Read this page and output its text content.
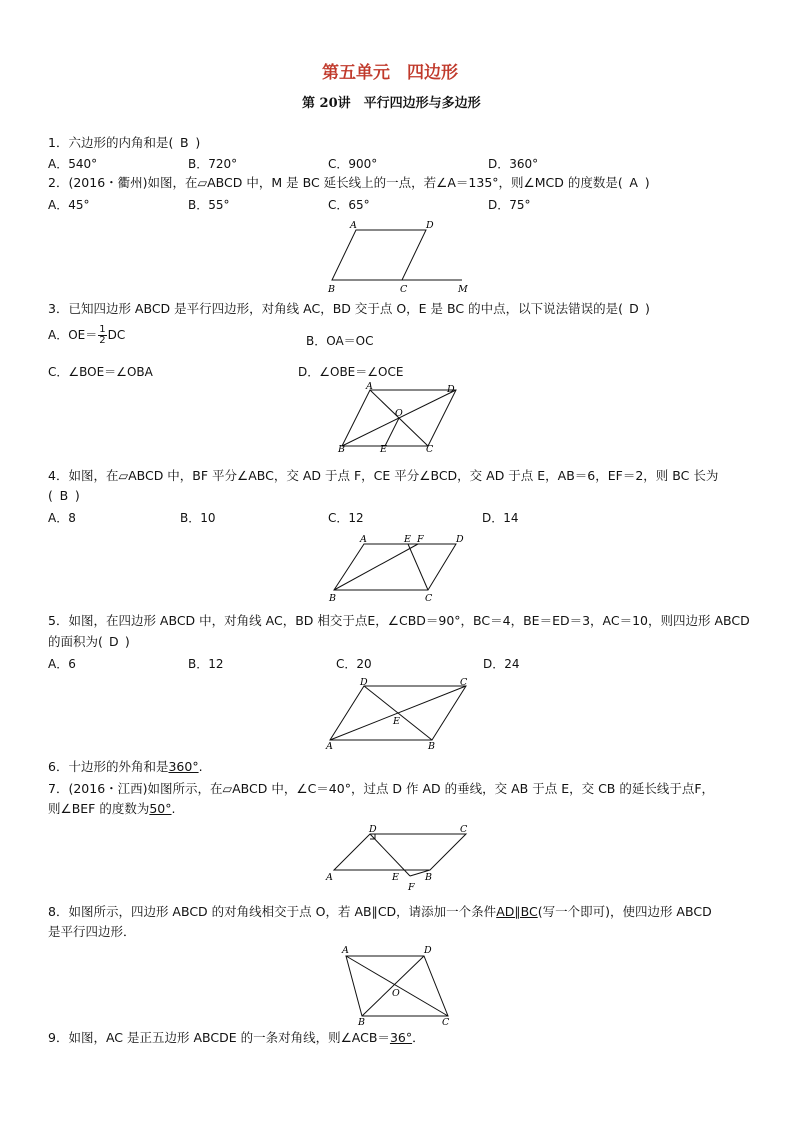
第五单元　四边形
第 20讲　平行四边形与多边形
1．六边形的内角和是( B )
A．540°	B．720°	C．900°	D．360°
2．(2016・衢州)如图，在▱ABCD 中，M 是 BC 延长线上的一点，若∠A＝135°，则∠MCD 的度数是( A )
A．45°	B．55°	C．65°	D．75°
A	D
B	C	M
3．已知四边形 ABCD 是平行四边形，对角线 AC，BD 交于点 O，E 是 BC 的中点，以下说法错误的是( D )
A．$OE= \frac{1}{2}$ DC	B．OA＝OC
C．∠BOE＝∠OBA	D．∠OBE＝∠OCE
A	D
O
B	E	C
4．如图，在▱ABCD 中，BF 平分∠ABC，交 AD 于点 F，CE 平分∠BCD，交 AD 于点 E，AB＝6，EF＝2，则 BC 长为
( B )
A．8	B．10	C．12	D．14
A	E F	D
B	C
5．如图，在四边形 ABCD 中，对角线 AC，BD 相交于点E，∠CBD＝90°，BC＝4，BE＝ED＝3，AC＝10，则四边形 ABCD
的面积为( D )
A．6	B．12	C．20	D．24
D	C
E
A	B
6．十边形的外角和是360°.
7．(2016・江西)如图所示，在▱ABCD 中，∠C＝40°，过点 D 作 AD 的垂线，交 AB 于点 E，交 CB 的延长线于点F，
则∠BEF 的度数为50°.
D	C
A	E	B
F
8．如图所示，四边形 ABCD 的对角线相交于点 O，若 AB∥CD，请添加一个条件AD∥BC(写一个即可)，使四边形 ABCD
是平行四边形．
A	D
O
B	C
9．如图，AC 是正五边形 ABCDE 的一条对角线，则∠ACB＝36°．
